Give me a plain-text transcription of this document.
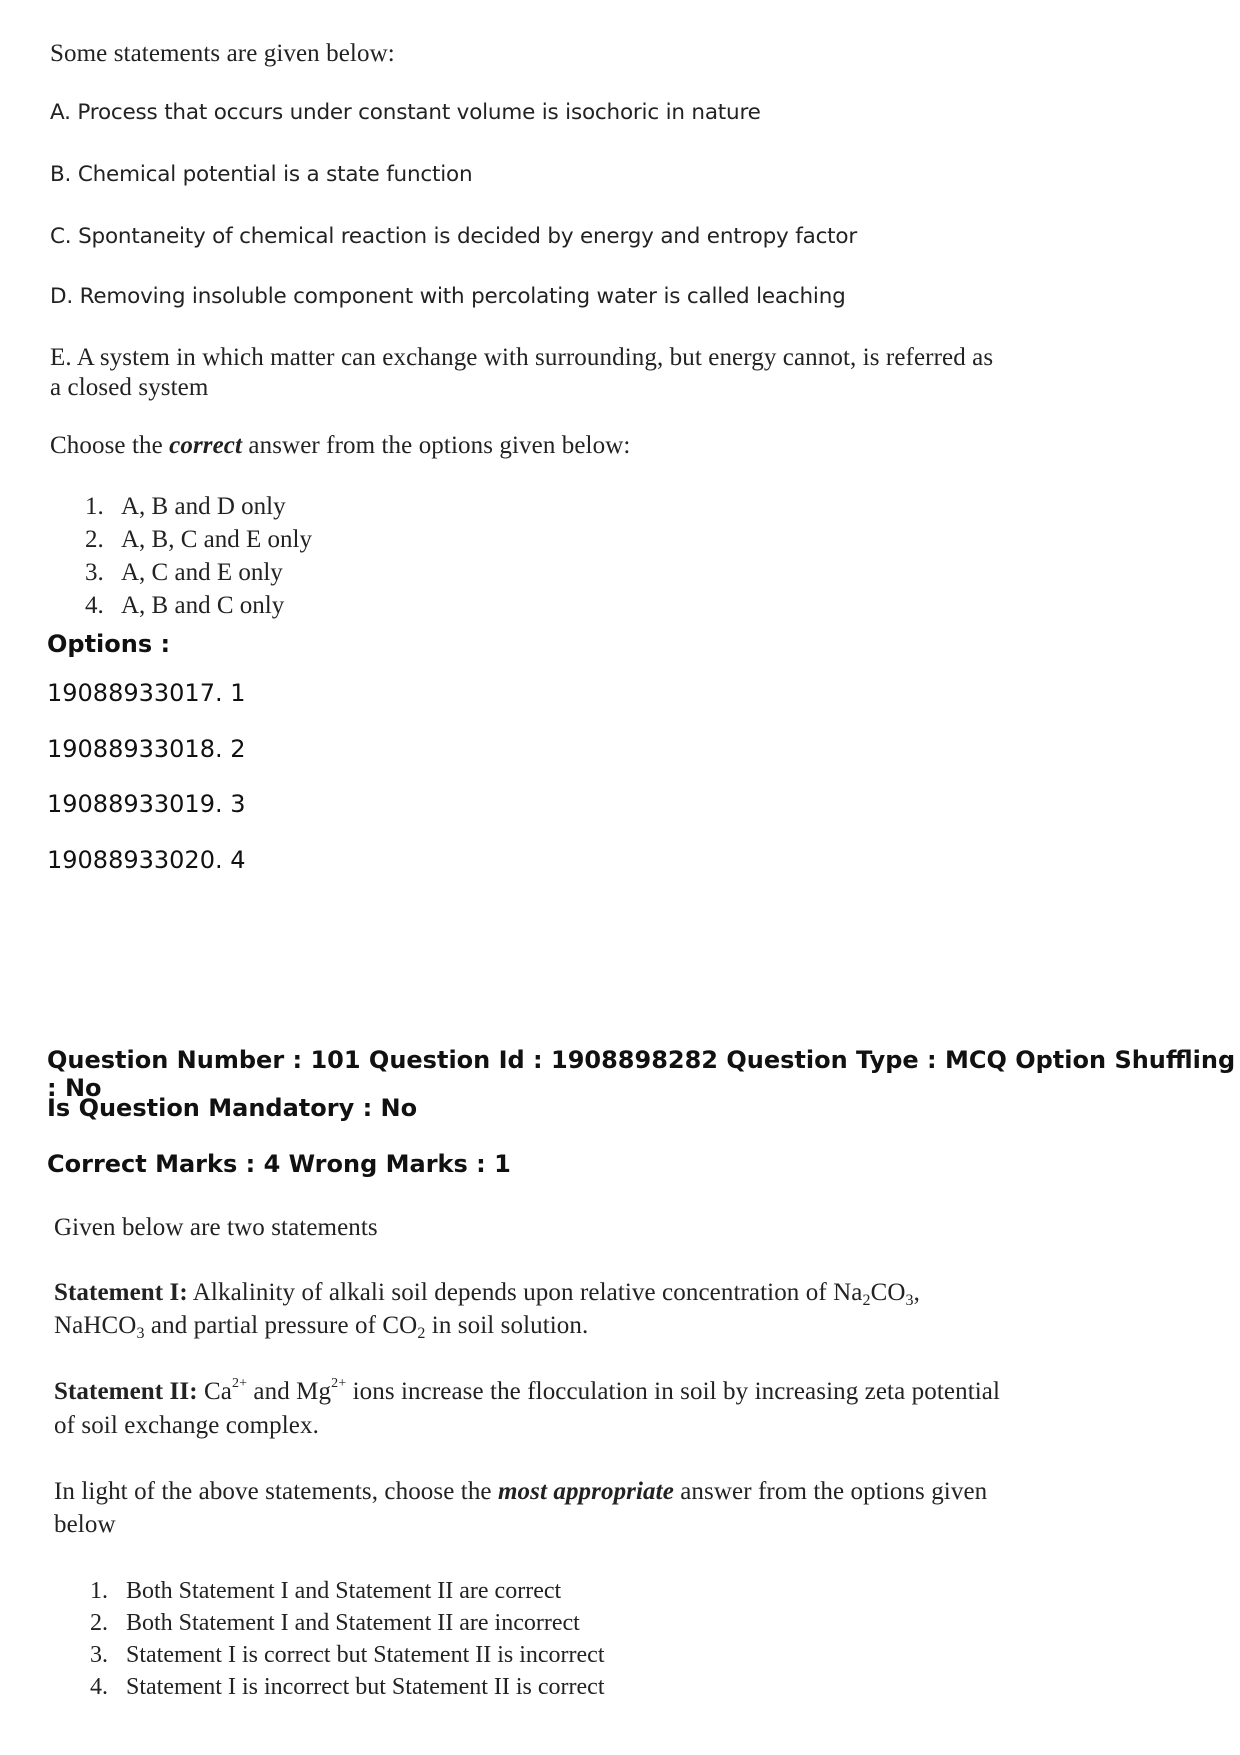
Some statements are given below:
A. Process that occurs under constant volume is isochoric in nature
B. Chemical potential is a state function
C. Spontaneity of chemical reaction is decided by energy and entropy factor
D. Removing insoluble component with percolating water is called leaching
E. A system in which matter can exchange with surrounding, but energy cannot, is referred as
a closed system
Choose the correct answer from the options given below:
1. A, B and D only
2. A, B, C and E only
3. A, C and E only
4. A, B and C only
Options :
19088933017. 1
19088933018. 2
19088933019. 3
19088933020. 4
Question Number : 101 Question Id : 1908898282 Question Type : MCQ Option Shuffling : No
Is Question Mandatory : No
Correct Marks : 4 Wrong Marks : 1
Given below are two statements
Statement I: Alkalinity of alkali soil depends upon relative concentration of $Na_2CO_3$,
NaHCO$_3$ and partial pressure of $CO_2$ in soil solution.
Statement II: $Ca^{2+}$ and $Mg^{2+}$ ions increase the flocculation in soil by increasing zeta potential
of soil exchange complex.
In light of the above statements, choose the most appropriate answer from the options given
below
1. Both Statement I and Statement II are correct
2. Both Statement I and Statement II are incorrect
3. Statement I is correct but Statement II is incorrect
4. Statement I is incorrect but Statement II is correct
